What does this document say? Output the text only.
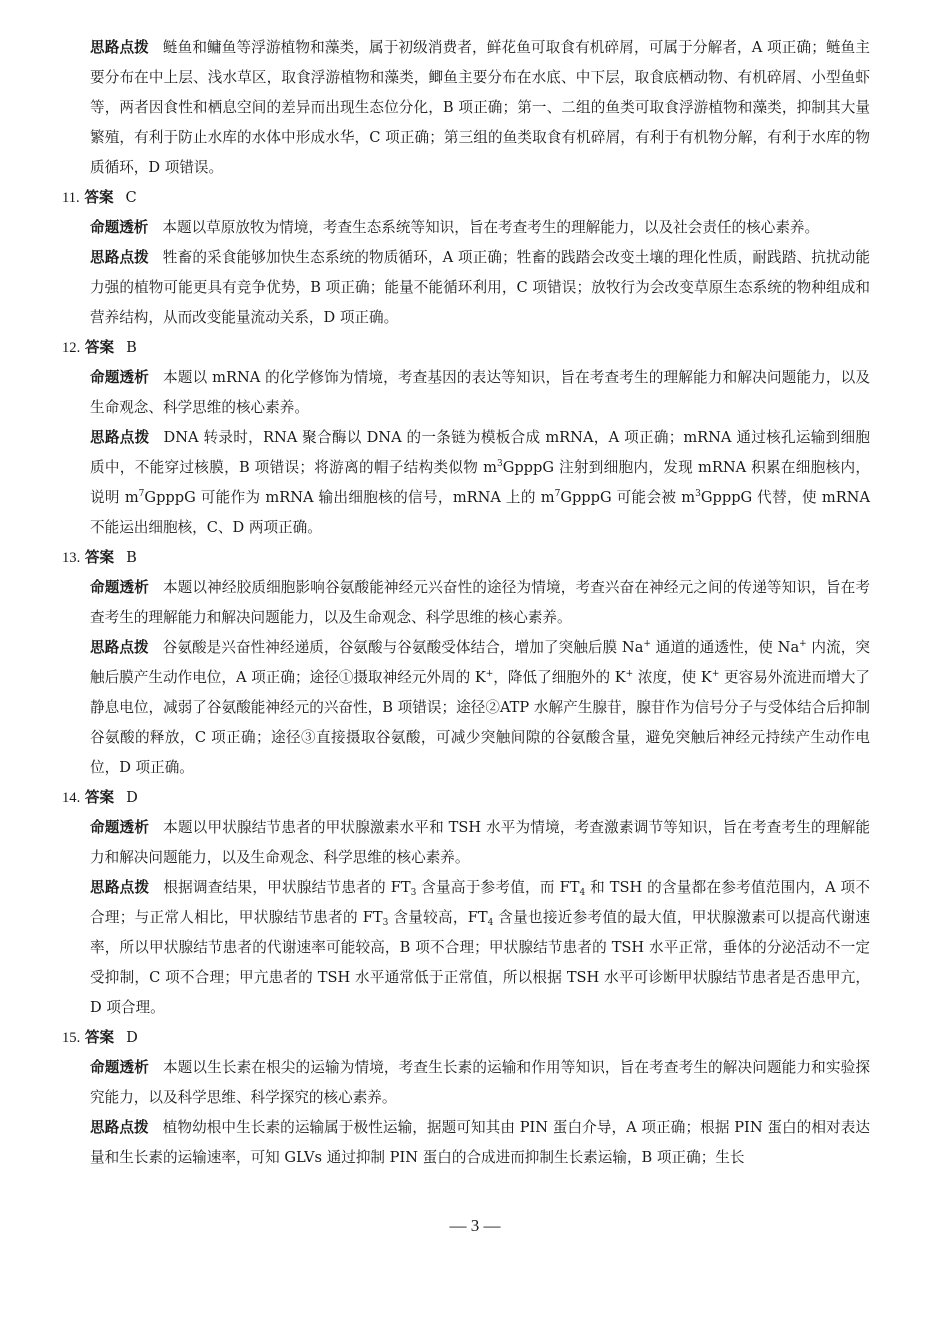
思路点拨 鲢鱼和鳙鱼等浮游植物和藻类，属于初级消费者，鲜花鱼可取食有机碎屑，可属于分解者，A 项正确；鲢鱼主要分布在中上层、浅水草区，取食浮游植物和藻类，鲫鱼主要分布在水底、中下层，取食底栖动物、有机碎屑、小型鱼虾等，两者因食性和栖息空间的差异而出现生态位分化，B 项正确；第一、二组的鱼类可取食浮游植物和藻类，抑制其大量繁殖，有利于防止水库的水体中形成水华，C 项正确；第三组的鱼类取食有机碎屑，有利于有机物分解，有利于水库的物质循环，D 项错误。

11. 答案 C

命题透析 本题以草原放牧为情境，考查生态系统等知识，旨在考查考生的理解能力，以及社会责任的核心素养。

思路点拨 牲畜的采食能够加快生态系统的物质循环，A 项正确；牲畜的践踏会改变土壤的理化性质，耐践踏、抗扰动能力强的植物可能更具有竞争优势，B 项正确；能量不能循环利用，C 项错误；放牧行为会改变草原生态系统的物种组成和营养结构，从而改变能量流动关系，D 项正确。

12. 答案 B

命题透析 本题以 mRNA 的化学修饰为情境，考查基因的表达等知识，旨在考查考生的理解能力和解决问题能力，以及生命观念、科学思维的核心素养。

思路点拨 DNA 转录时，RNA 聚合酶以 DNA 的一条链为模板合成 mRNA，A 项正确；mRNA 通过核孔运输到细胞质中，不能穿过核膜，B 项错误；将游离的帽子结构类似物 $m^3GpppG$ 注射到细胞内，发现 mRNA 积累在细胞核内，说明 $m^7GpppG$ 可能作为 mRNA 输出细胞核的信号，mRNA 上的 $m^7GpppG$ 可能会被 $m^3GpppG$ 代替，使 mRNA 不能运出细胞核，C、D 两项正确。

13. 答案 B

命题透析 本题以神经胶质细胞影响谷氨酸能神经元兴奋性的途径为情境，考查兴奋在神经元之间的传递等知识，旨在考查考生的理解能力和解决问题能力，以及生命观念、科学思维的核心素养。

思路点拨 谷氨酸是兴奋性神经递质，谷氨酸与谷氨酸受体结合，增加了突触后膜 Na+ 通道的通透性，使 Na+ 内流，突触后膜产生动作电位，A 项正确；途径①摄取神经元外周的 K+，降低了细胞外的 K+ 浓度，使 K+ 更容易外流进而增大了静息电位，减弱了谷氨酸能神经元的兴奋性，B 项错误；途径②ATP 水解产生腺苷，腺苷作为信号分子与受体结合后抑制谷氨酸的释放，C 项正确；途径③直接摄取谷氨酸，可减少突触间隙的谷氨酸含量，避免突触后神经元持续产生动作电位，D 项正确。

14. 答案 D

命题透析 本题以甲状腺结节患者的甲状腺激素水平和 TSH 水平为情境，考查激素调节等知识，旨在考查考生的理解能力和解决问题能力，以及生命观念、科学思维的核心素养。

思路点拨 根据调查结果，甲状腺结节患者的 $FT_3$ 含量高于参考值，而 $FT_4$ 和 TSH 的含量都在参考值范围内，A 项不合理；与正常人相比，甲状腺结节患者的 $FT_3$ 含量较高，$FT_4$ 含量也接近参考值的最大值，甲状腺激素可以提高代谢速率，所以甲状腺结节患者的代谢速率可能较高，B 项不合理；甲状腺结节患者的 TSH 水平正常，垂体的分泌活动不一定受抑制，C 项不合理；甲亢患者的 TSH 水平通常低于正常值，所以根据 TSH 水平可诊断甲状腺结节患者是否患甲亢，D 项合理。

15. 答案 D

命题透析 本题以生长素在根尖的运输为情境，考查生长素的运输和作用等知识，旨在考查考生的解决问题能力和实验探究能力，以及科学思维、科学探究的核心素养。

思路点拨 植物幼根中生长素的运输属于极性运输，据题可知其由 PIN 蛋白介导，A 项正确；根据 PIN 蛋白的相对表达量和生长素的运输速率，可知 GLVs 通过抑制 PIN 蛋白的合成进而抑制生长素运输，B 项正确；生长

— 3 —
